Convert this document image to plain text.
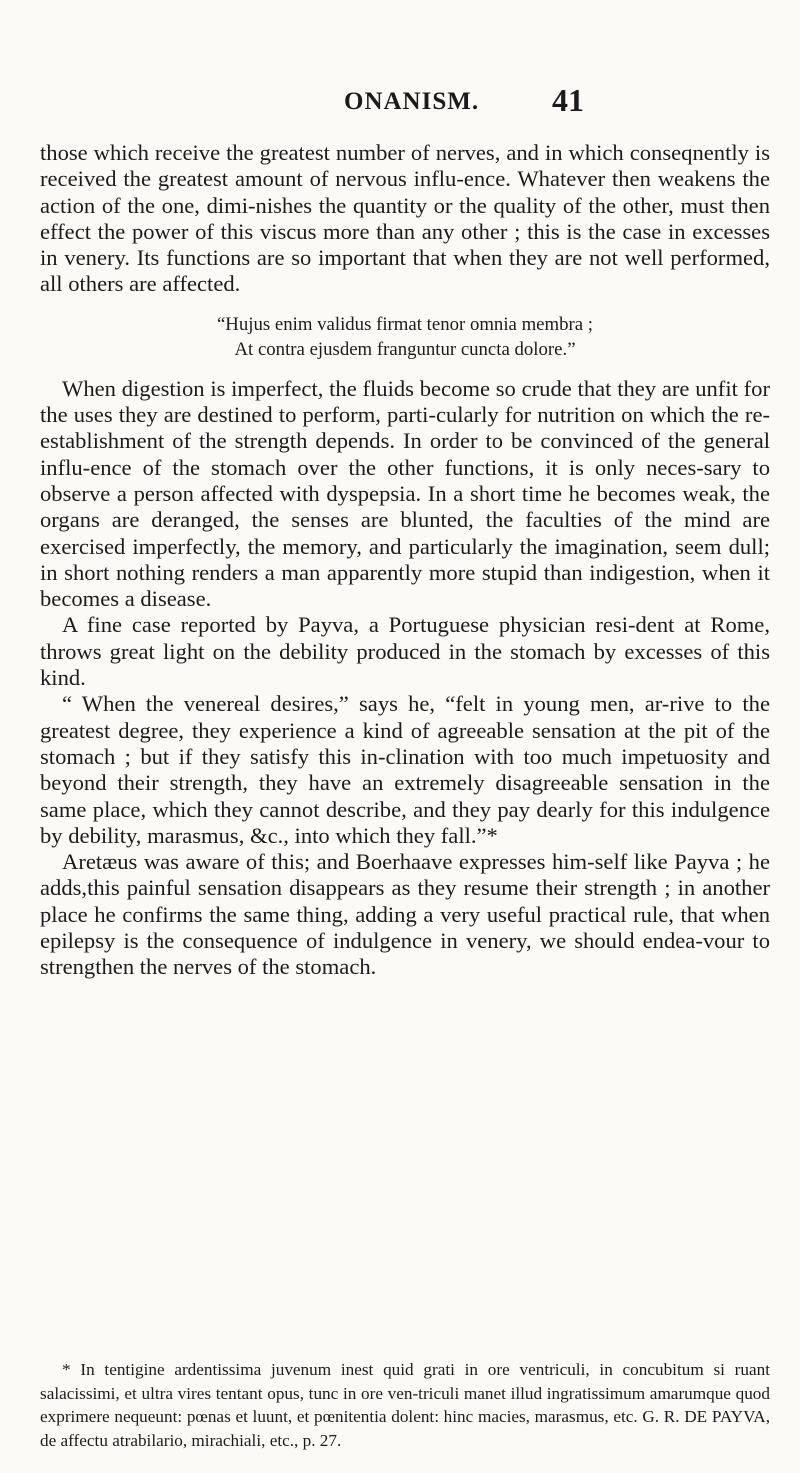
ONANISM. 41

those which receive the greatest number of nerves, and in which conseqnently is received the greatest amount of nervous influ-ence. Whatever then weakens the action of the one, dimi-nishes the quantity or the quality of the other, must then effect the power of this viscus more than any other ; this is the case in excesses in venery. Its functions are so important that when they are not well performed, all others are affected.

“Hujus enim validus firmat tenor omnia membra ;
At contra ejusdem franguntur cuncta dolore.”

When digestion is imperfect, the fluids become so crude that they are unfit for the uses they are destined to perform, parti-cularly for nutrition on which the re-establishment of the strength depends. In order to be convinced of the general influ-ence of the stomach over the other functions, it is only neces-sary to observe a person affected with dyspepsia. In a short time he becomes weak, the organs are deranged, the senses are blunted, the faculties of the mind are exercised imperfectly, the memory, and particularly the imagination, seem dull; in short nothing renders a man apparently more stupid than indigestion, when it becomes a disease.

A fine case reported by Payva, a Portuguese physician resi-dent at Rome, throws great light on the debility produced in the stomach by excesses of this kind.

“ When the venereal desires,” says he, “felt in young men, ar-rive to the greatest degree, they experience a kind of agreeable sensation at the pit of the stomach ; but if they satisfy this in-clination with too much impetuosity and beyond their strength, they have an extremely disagreeable sensation in the same place, which they cannot describe, and they pay dearly for this indulgence by debility, marasmus, &c., into which they fall.”*

Aretæus was aware of this; and Boerhaave expresses him-self like Payva ; he adds,this painful sensation disappears as they resume their strength ; in another place he confirms the same thing, adding a very useful practical rule, that when epilepsy is the consequence of indulgence in venery, we should endea-vour to strengthen the nerves of the stomach.

* In tentigine ardentissima juvenum inest quid grati in ore ventriculi, in concubitum si ruant salacissimi, et ultra vires tentant opus, tunc in ore ven-triculi manet illud ingratissimum amarumque quod exprimere nequeunt: pœnas et luunt, et pœnitentia dolent: hinc macies, marasmus, etc. G. R. DE PAYVA, de affectu atrabilario, mirachiali, etc., p. 27.
